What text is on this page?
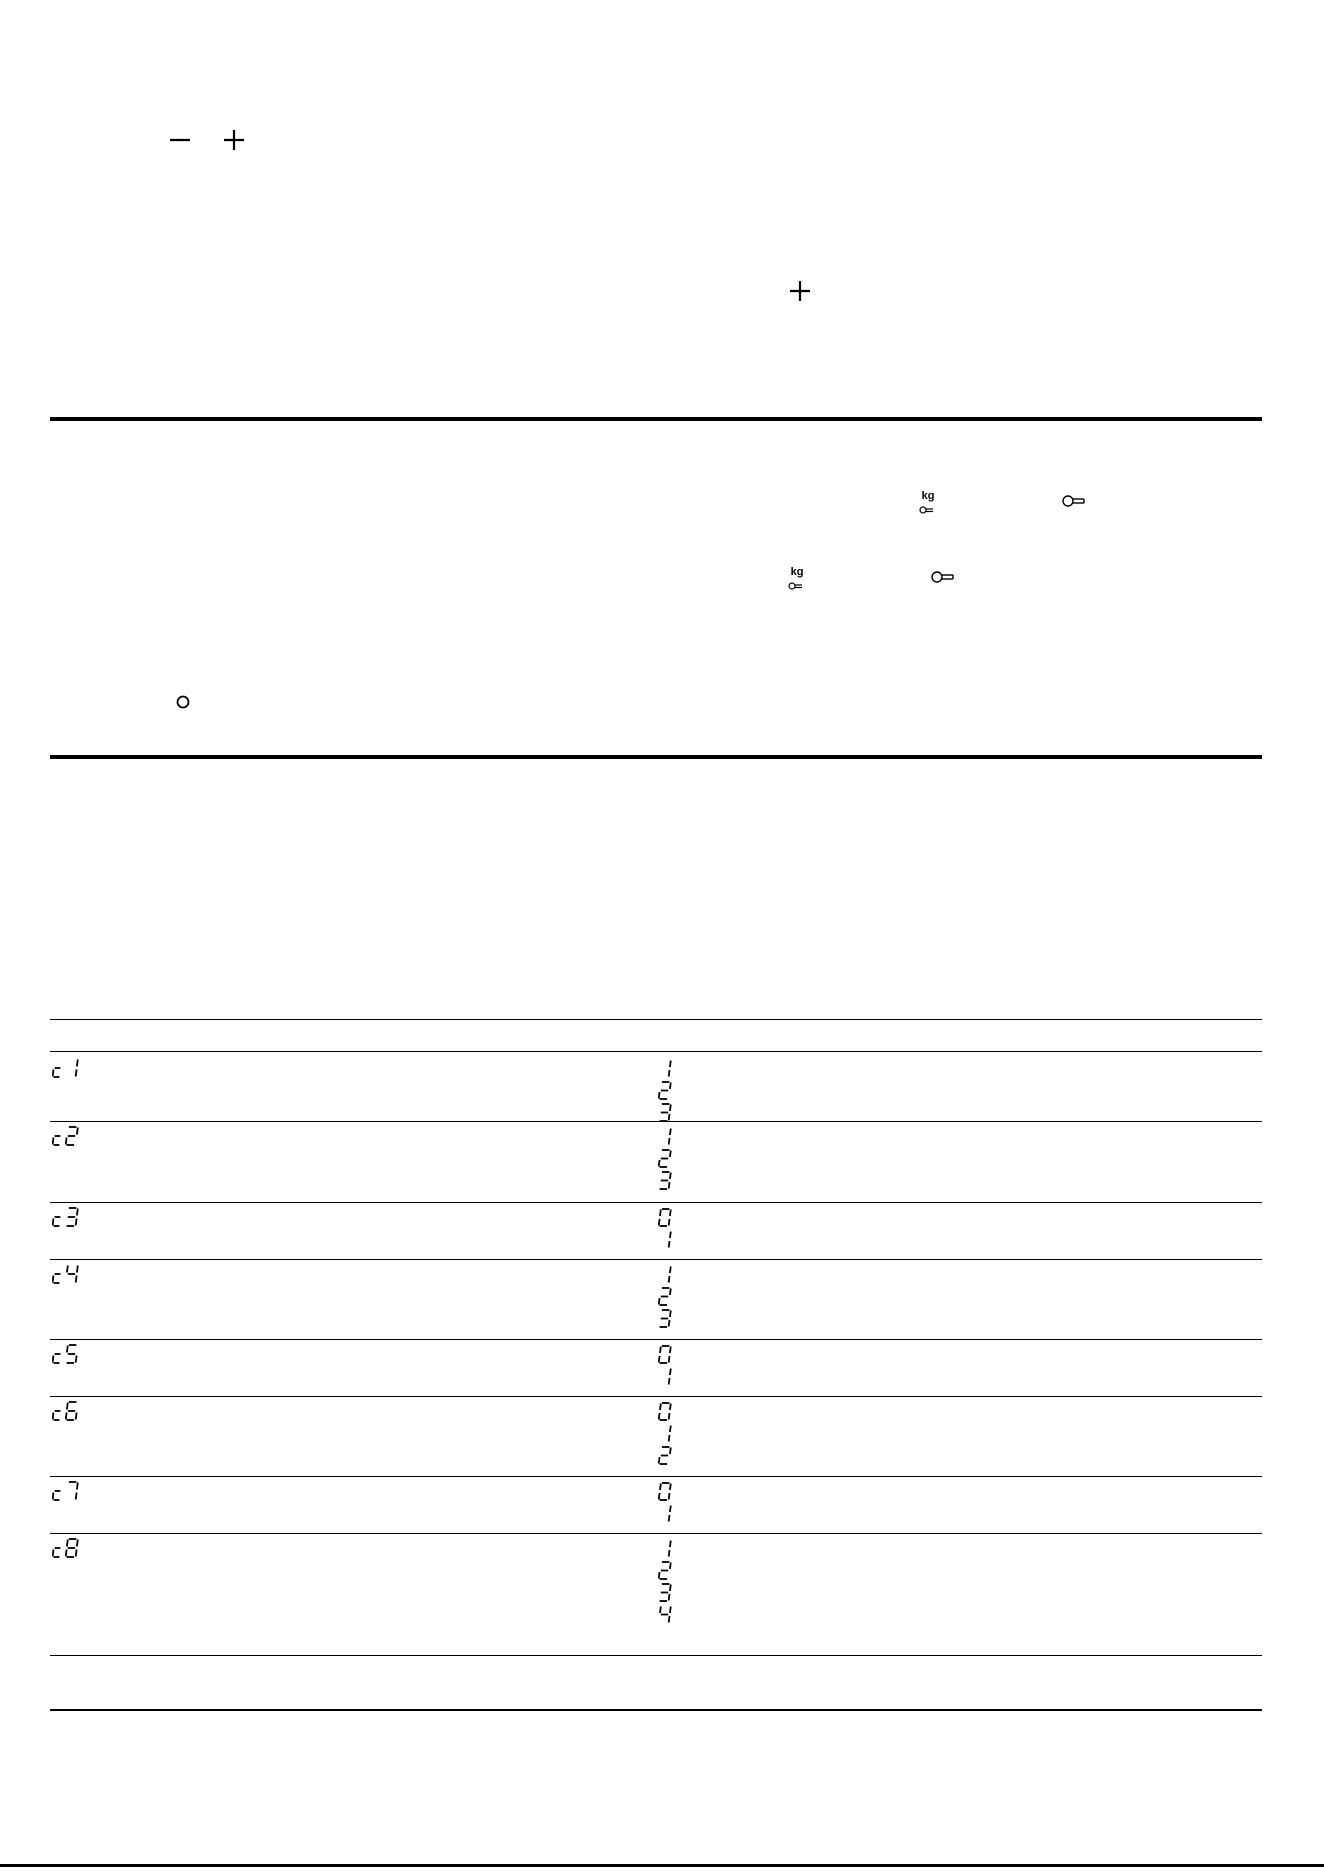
kg
kg
